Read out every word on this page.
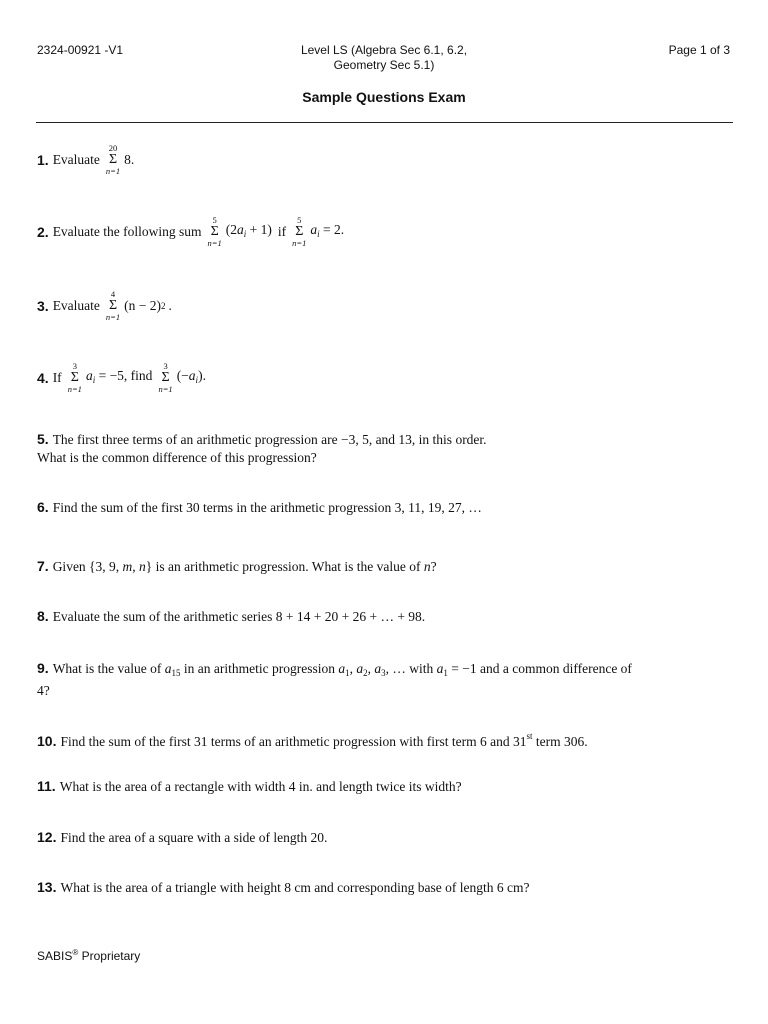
2324-00921 -V1	Level LS (Algebra Sec 6.1, 6.2,
Geometry Sec 5.1)
Page 1 of 3
Sample Questions Exam
1. Evaluate
20
Σ
n=1
8 .
2. Evaluate the following sum
5
Σ
n=1
$(2a_i + 1)$ if
5
Σ
n=1
$a_i = 2$.
3. Evaluate
4
Σ
n=1
(n − 2) 2 .
4. If
3
Σ
n=1
$a_i = -5$, find
3
Σ
n=1
$(-a_i)$.
5. The first three terms of an arithmetic progression are −3, 5, and 13, in this order.
What is the common difference of this progression?
6. Find the sum of the first 30 terms in the arithmetic progression 3, 11, 19, 27, …
7. Given {3, 9, m, n} is an arithmetic progression. What is the value of n?
8. Evaluate the sum of the arithmetic series 8 + 14 + 20 + 26 + … + 98.
9. What is the value of $a_{15}$ in an arithmetic progression $a_1$, $a_2$, $a_3$, … with $a_1 = -1$ and a common difference of
4?
10. Find the sum of the first 31 terms of an arithmetic progression with first term 6 and 31st term 306.
11. What is the area of a rectangle with width 4 in. and length twice its width?
12. Find the area of a square with a side of length 20.
13. What is the area of a triangle with height 8 cm and corresponding base of length 6 cm?
SABIS® Proprietary
